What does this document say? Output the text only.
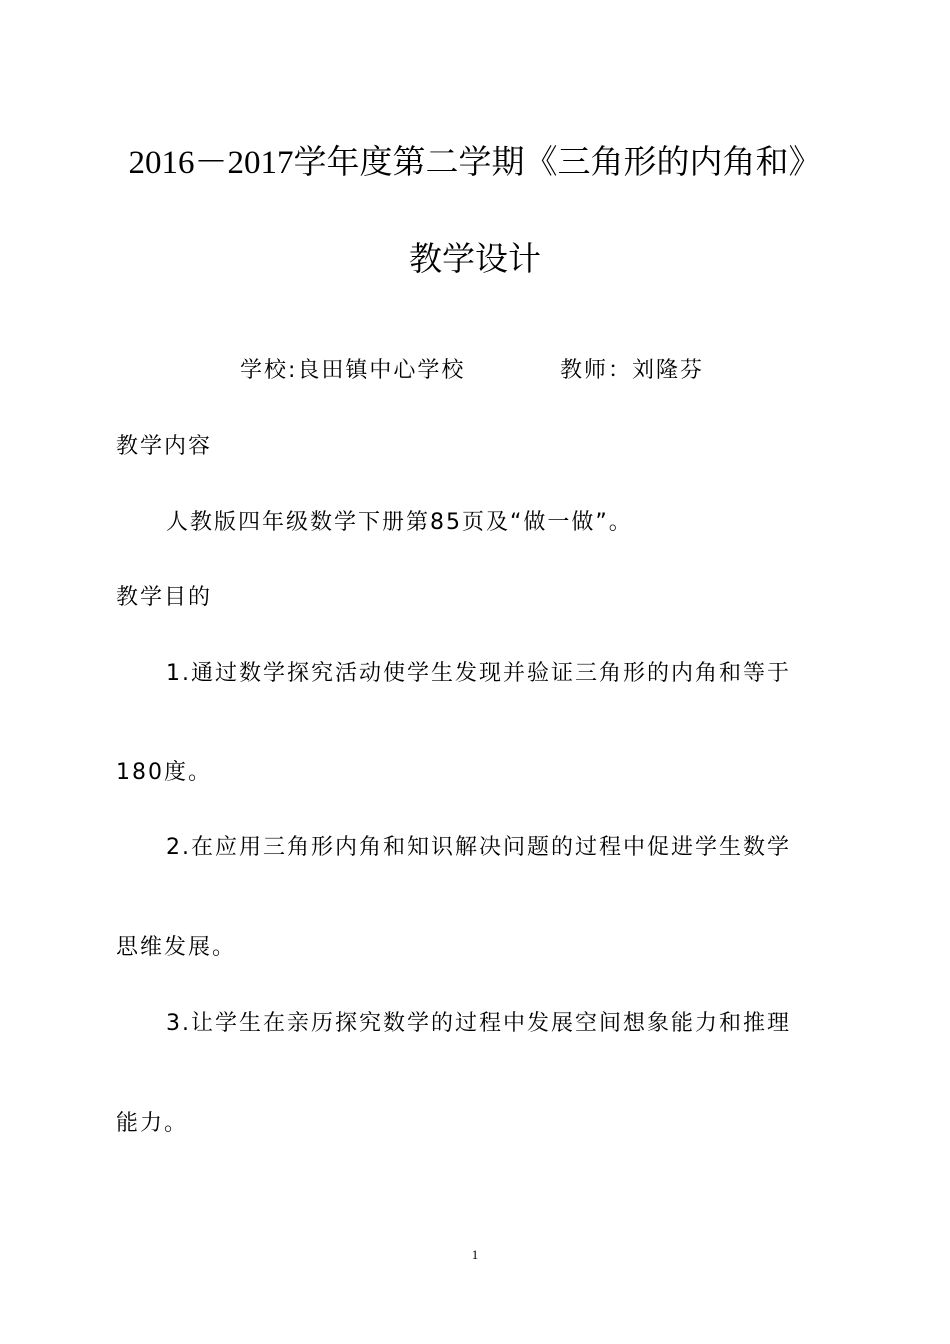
2016－2017学年度第二学期《三角形的内角和》
教学设计
学校:良田镇中心学校	教师：刘隆芬
教学内容
人教版四年级数学下册第85页及“做一做”。
教学目的
1.通过数学探究活动使学生发现并验证三角形的内角和等于
180度。
2.在应用三角形内角和知识解决问题的过程中促进学生数学
思维发展。
3.让学生在亲历探究数学的过程中发展空间想象能力和推理
能力。
1
